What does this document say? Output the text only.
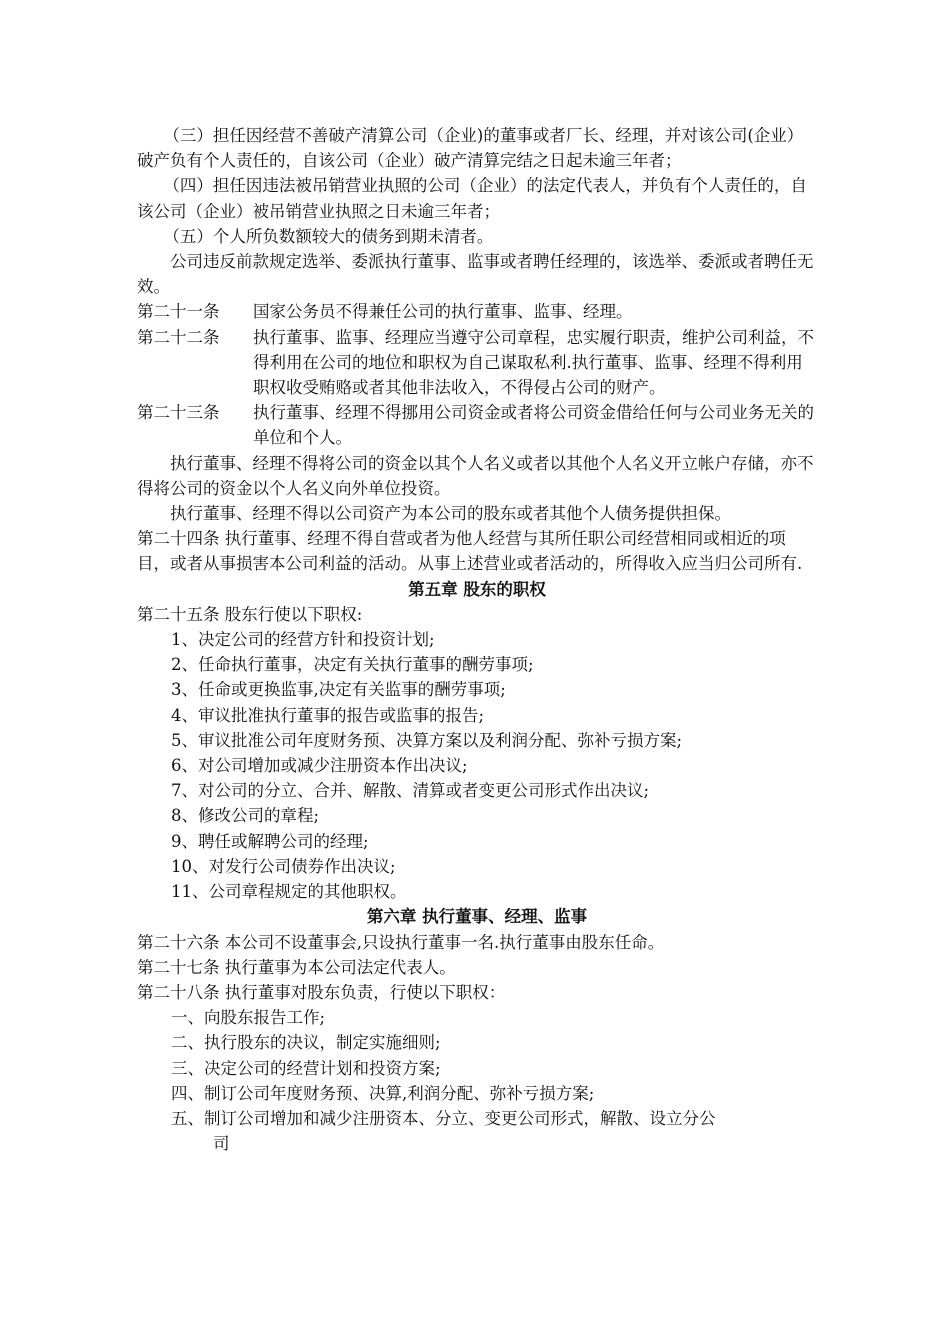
（三）担任因经营不善破产清算公司（企业)的董事或者厂长、经理，并对该公司(企业）破产负有个人责任的，自该公司（企业）破产清算完结之日起未逾三年者；

（四）担任因违法被吊销营业执照的公司（企业）的法定代表人，并负有个人责任的，自该公司（企业）被吊销营业执照之日未逾三年者；

（五）个人所负数额较大的债务到期未清者。

公司违反前款规定选举、委派执行董事、监事或者聘任经理的，该选举、委派或者聘任无效。

第二十一条	国家公务员不得兼任公司的执行董事、监事、经理。
第二十二条	执行董事、监事、经理应当遵守公司章程，忠实履行职责，维护公司利益，不得利用在公司的地位和职权为自己谋取私利.执行董事、监事、经理不得利用职权收受贿赂或者其他非法收入，不得侵占公司的财产。
第二十三条	执行董事、经理不得挪用公司资金或者将公司资金借给任何与公司业务无关的单位和个人。

执行董事、经理不得将公司的资金以其个人名义或者以其他个人名义开立帐户存储，亦不得将公司的资金以个人名义向外单位投资。

执行董事、经理不得以公司资产为本公司的股东或者其他个人债务提供担保。

第二十四条 执行董事、经理不得自营或者为他人经营与其所任职公司经营相同或相近的项目，或者从事损害本公司利益的活动。从事上述营业或者活动的，所得收入应当归公司所有.

第五章 股东的职权

第二十五条 股东行使以下职权:

1、决定公司的经营方针和投资计划;

2、任命执行董事，决定有关执行董事的酬劳事项;

3、任命或更换监事,决定有关监事的酬劳事项;

4、审议批准执行董事的报告或监事的报告;

5、审议批准公司年度财务预、决算方案以及利润分配、弥补亏损方案;

6、对公司增加或减少注册资本作出决议;

7、对公司的分立、合并、解散、清算或者变更公司形式作出决议;

8、修改公司的章程;

9、聘任或解聘公司的经理;

10、对发行公司债券作出决议;

11、公司章程规定的其他职权。

第六章 执行董事、经理、监事

第二十六条 本公司不设董事会,只设执行董事一名.执行董事由股东任命。

第二十七条 执行董事为本公司法定代表人。

第二十八条 执行董事对股东负责，行使以下职权：

一、向股东报告工作;

二、执行股东的决议，制定实施细则;

三、决定公司的经营计划和投资方案;

四、制订公司年度财务预、决算,利润分配、弥补亏损方案;

五、制订公司增加和减少注册资本、分立、变更公司形式，解散、设立分公

司
